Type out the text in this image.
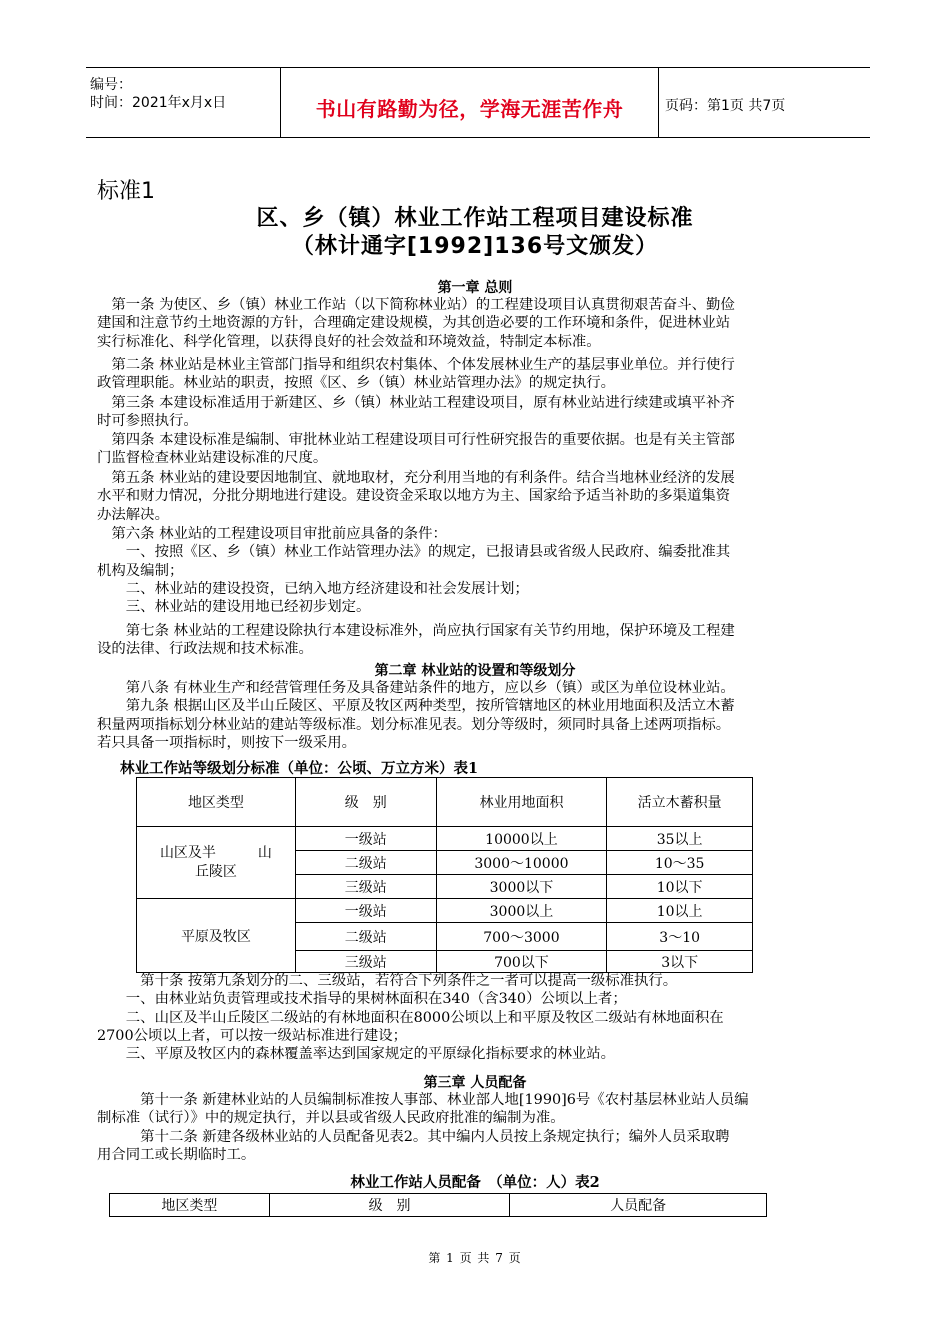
编号：
时间：2021年x月x日	书山有路勤为径，学海无涯苦作舟	页码：第1页 共7页
标准1
区、乡（镇）林业工作站工程项目建设标准
（林计通字[1992]136号文颁发）
第一章 总则
　第一条 为使区、乡（镇）林业工作站（以下简称林业站）的工程建设项目认真贯彻艰苦奋斗、勤俭
建国和注意节约土地资源的方针，合理确定建设规模，为其创造必要的工作环境和条件，促进林业站
实行标准化、科学化管理，以获得良好的社会效益和环境效益，特制定本标准。
　第二条 林业站是林业主管部门指导和组织农村集体、个体发展林业生产的基层事业单位。并行使行
政管理职能。林业站的职责，按照《区、乡（镇）林业站管理办法》的规定执行。
　第三条 本建设标准适用于新建区、乡（镇）林业站工程建设项目，原有林业站进行续建或填平补齐
时可参照执行。
　第四条 本建设标准是编制、审批林业站工程建设项目可行性研究报告的重要依据。也是有关主管部
门监督检查林业站建设标准的尺度。
　第五条 林业站的建设要因地制宜、就地取材，充分利用当地的有利条件。结合当地林业经济的发展
水平和财力情况，分批分期地进行建设。建设资金采取以地方为主、国家给予适当补助的多渠道集资
办法解决。
　第六条 林业站的工程建设项目审批前应具备的条件：
　　一、按照《区、乡（镇）林业工作站管理办法》的规定，已报请县或省级人民政府、编委批准其
机构及编制；
　　二、林业站的建设投资，已纳入地方经济建设和社会发展计划；
　　三、林业站的建设用地已经初步划定。
　　第七条 林业站的工程建设除执行本建设标准外，尚应执行国家有关节约用地，保护环境及工程建
设的法律、行政法规和技术标准。
第二章 林业站的设置和等级划分
　　第八条 有林业生产和经营管理任务及具备建站条件的地方，应以乡（镇）或区为单位设林业站。
　　第九条 根据山区及半山丘陵区、平原及牧区两种类型，按所管辖地区的林业用地面积及活立木蓄
积量两项指标划分林业站的建站等级标准。划分标准见表。划分等级时，须同时具备上述两项指标。
若只具备一项指标时，则按下一级采用。
林业工作站等级划分标准（单位：公顷、万立方米）表1
地区类型	级　别	林业用地面积	活立木蓄积量

山区及半　　　山丘陵区	一级站	10000以上	35以上
	二级站	3000～10000	10～35
	三级站	3000以下	10以下
平原及牧区	一级站	3000以上	10以上
	二级站	700～3000	3～10
	三级站	700以下	3以下
　　　第十条 按第九条划分的二、三级站，若符合下列条件之一者可以提高一级标准执行。
　　一、由林业站负责管理或技术指导的果树林面积在340（含340）公顷以上者；
　　二、山区及半山丘陵区二级站的有林地面积在8000公顷以上和平原及牧区二级站有林地面积在
2700公顷以上者，可以按一级站标准进行建设；
　　三、平原及牧区内的森林覆盖率达到国家规定的平原绿化指标要求的林业站。
第三章 人员配备
　　　第十一条 新建林业站的人员编制标准按人事部、林业部人地[1990]6号《农村基层林业站人员编
制标准（试行）》中的规定执行，并以县或省级人民政府批准的编制为准。
　　　第十二条 新建各级林业站的人员配备见表2。其中编内人员按上条规定执行；编外人员采取聘
用合同工或长期临时工。
林业工作站人员配备　（单位：人）表2
地区类型	级　别	人员配备
第 1 页 共 7 页
